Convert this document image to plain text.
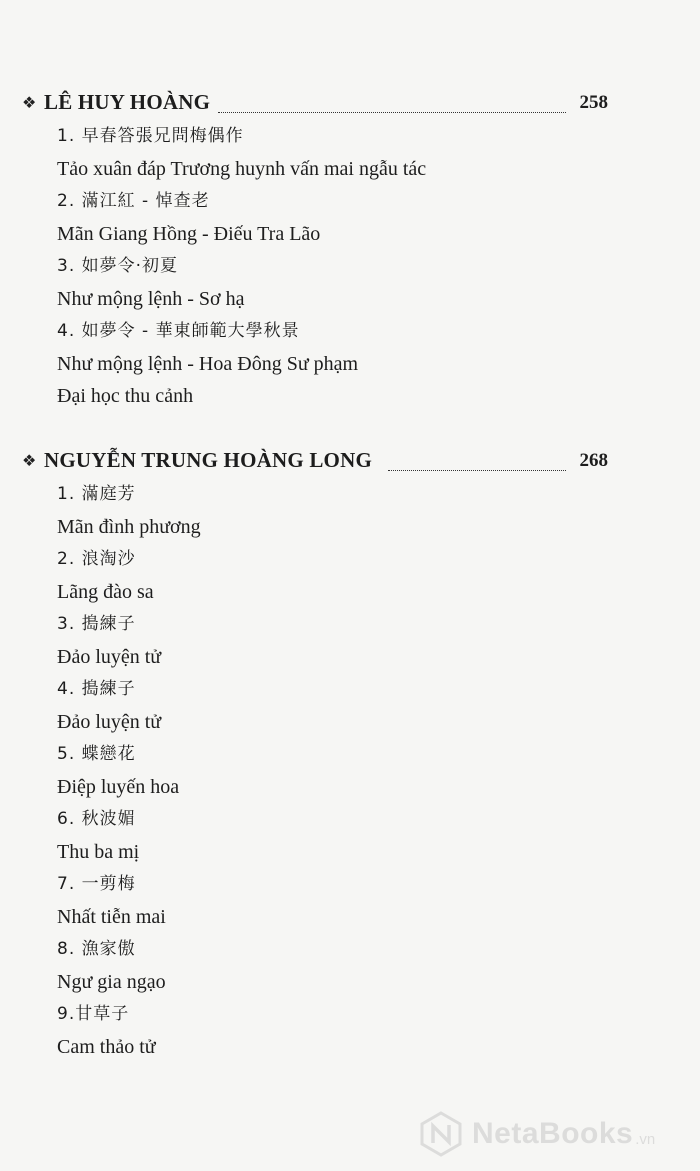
❖ LÊ HUY HOÀNG	258
1. 早春答張兄問梅偶作
Tảo xuân đáp Trương huynh vấn mai ngẫu tác
2. 滿江紅 - 悼查老
Mãn Giang Hồng - Điếu Tra Lão
3. 如夢令·初夏
Như mộng lệnh - Sơ hạ
4. 如夢令 - 華東師範大學秋景
Như mộng lệnh - Hoa Đông Sư phạm
Đại học thu cảnh
❖ NGUYỄN TRUNG HOÀNG LONG	268
1. 滿庭芳
Mãn đình phương
2. 浪淘沙
Lãng đào sa
3. 搗練子
Đảo luyện tử
4. 搗練子
Đảo luyện tử
5. 蝶戀花
Điệp luyến hoa
6. 秋波媚
Thu ba mị
7. 一剪梅
Nhất tiễn mai
8. 漁家傲
Ngư gia ngạo
9.甘草子
Cam thảo tử
NetaBooks .vn
